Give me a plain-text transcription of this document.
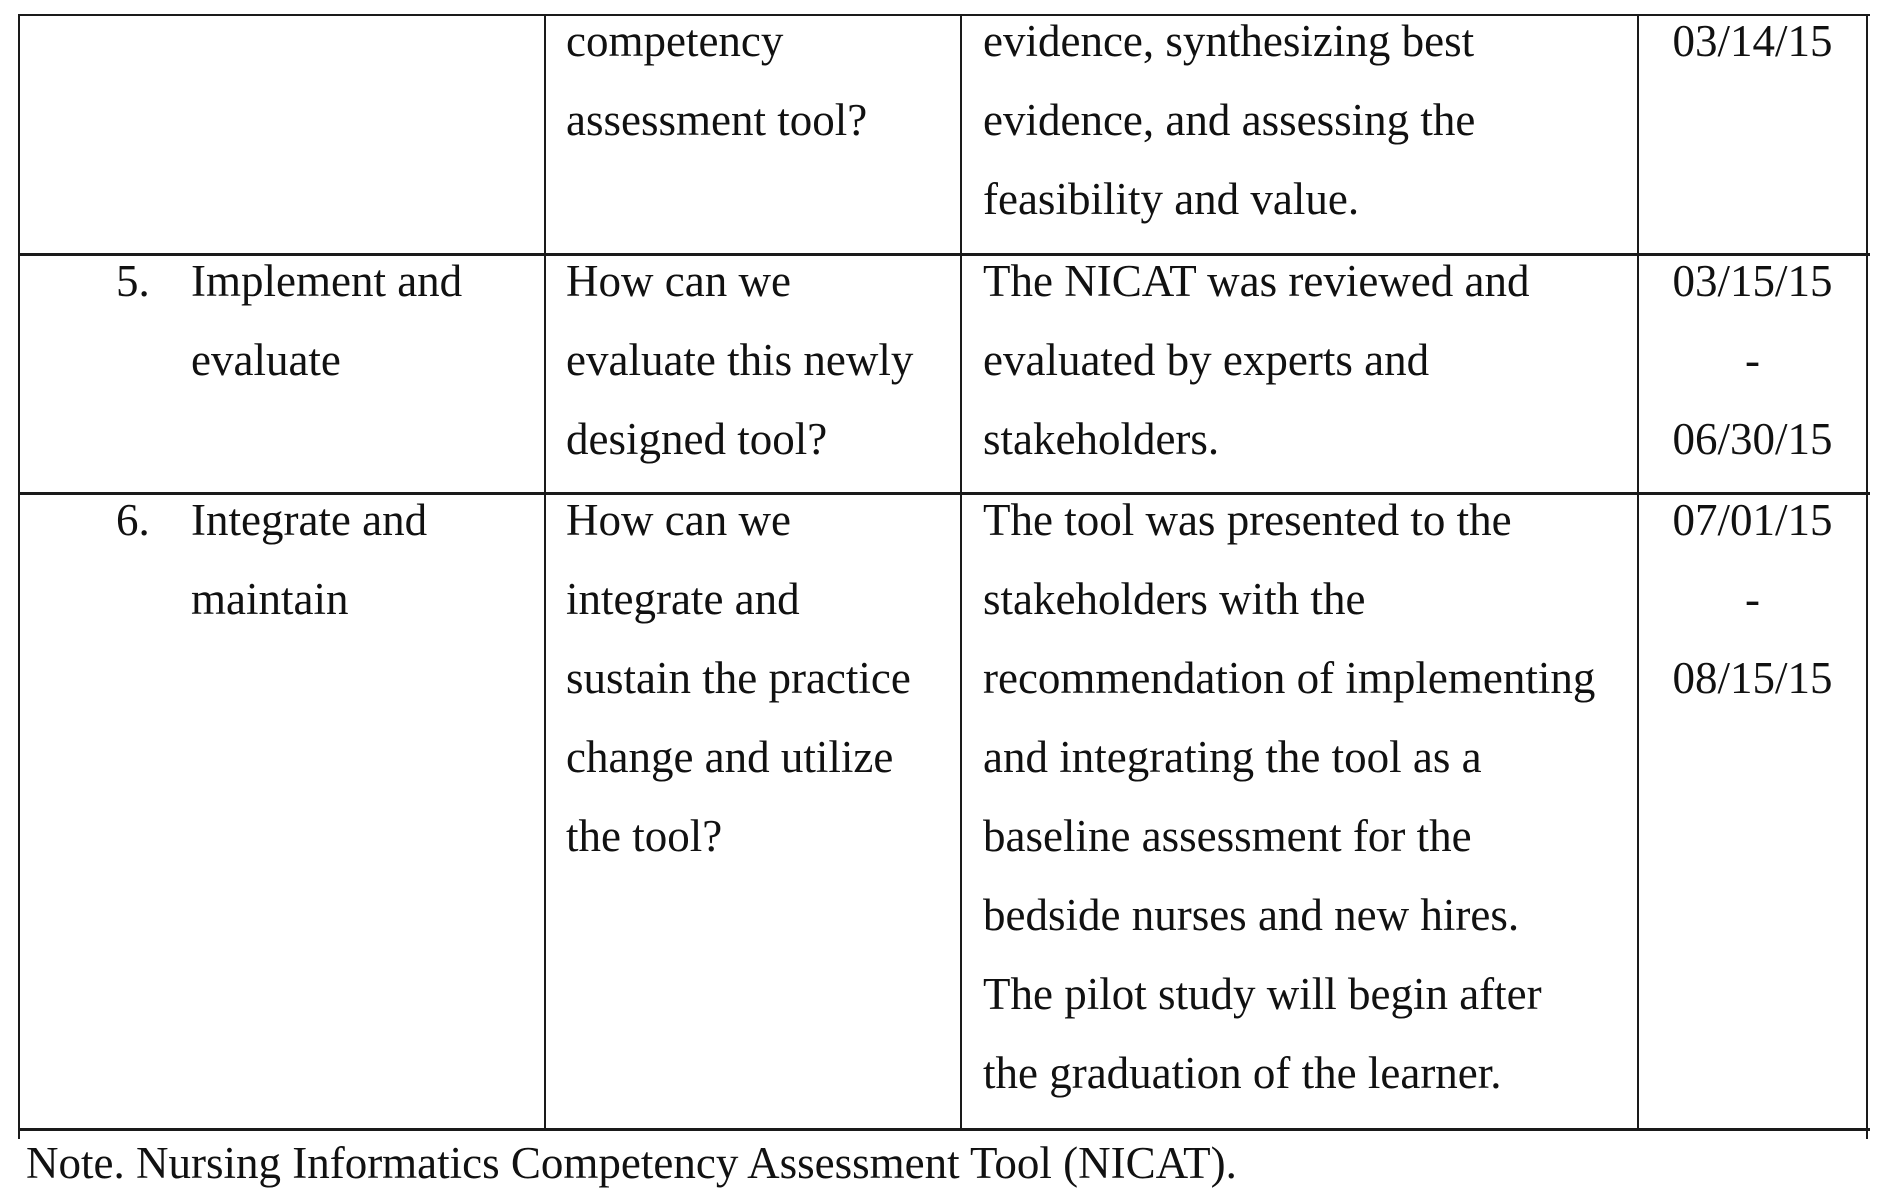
competency
assessment tool?
evidence, synthesizing best
evidence, and assessing the
feasibility and value.
03/14/15
5. Implement and
evaluate
How can we
evaluate this newly
designed tool?
The NICAT was reviewed and
evaluated by experts and
stakeholders.
03/15/15
-
06/30/15
6. Integrate and
maintain
How can we
integrate and
sustain the practice
change and utilize
the tool?
The tool was presented to the
stakeholders with the
recommendation of implementing
and integrating the tool as a
baseline assessment for the
bedside nurses and new hires.
The pilot study will begin after
the graduation of the learner.
07/01/15
-
08/15/15
Note. Nursing Informatics Competency Assessment Tool (NICAT).
